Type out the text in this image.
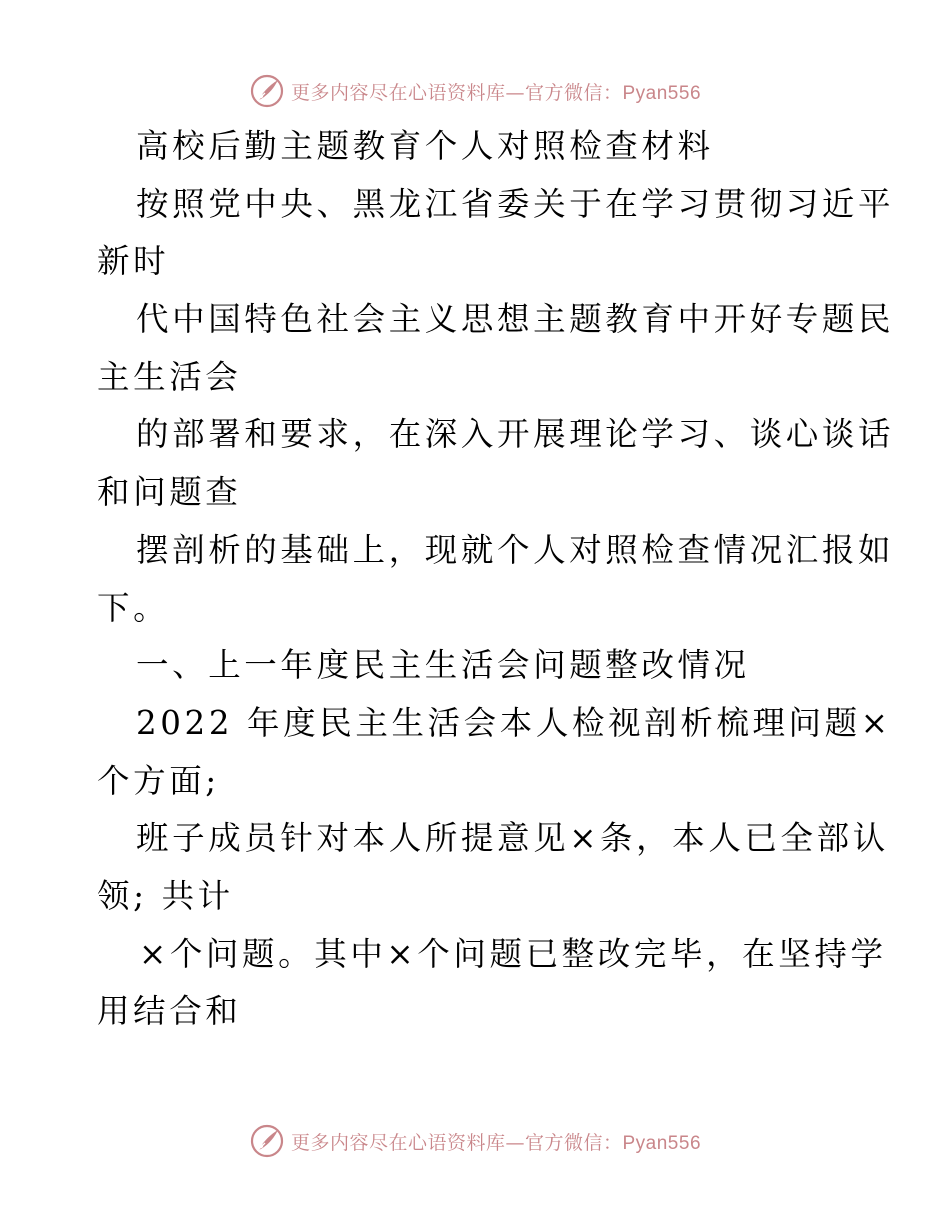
更多内容尽在心语资料库—官方微信：Pyan556
高校后勤主题教育个人对照检查材料
按照党中央、黑龙江省委关于在学习贯彻习近平
新时
代中国特色社会主义思想主题教育中开好专题民
主生活会
的部署和要求，在深入开展理论学习、谈心谈话
和问题查
摆剖析的基础上，现就个人对照检查情况汇报如
下。
一、上一年度民主生活会问题整改情况
2022 年度民主生活会本人检视剖析梳理问题×
个方面;
班子成员针对本人所提意见×条，本人已全部认
领; 共计
×个问题。其中×个问题已整改完毕，在坚持学
用结合和
更多内容尽在心语资料库—官方微信：Pyan556
